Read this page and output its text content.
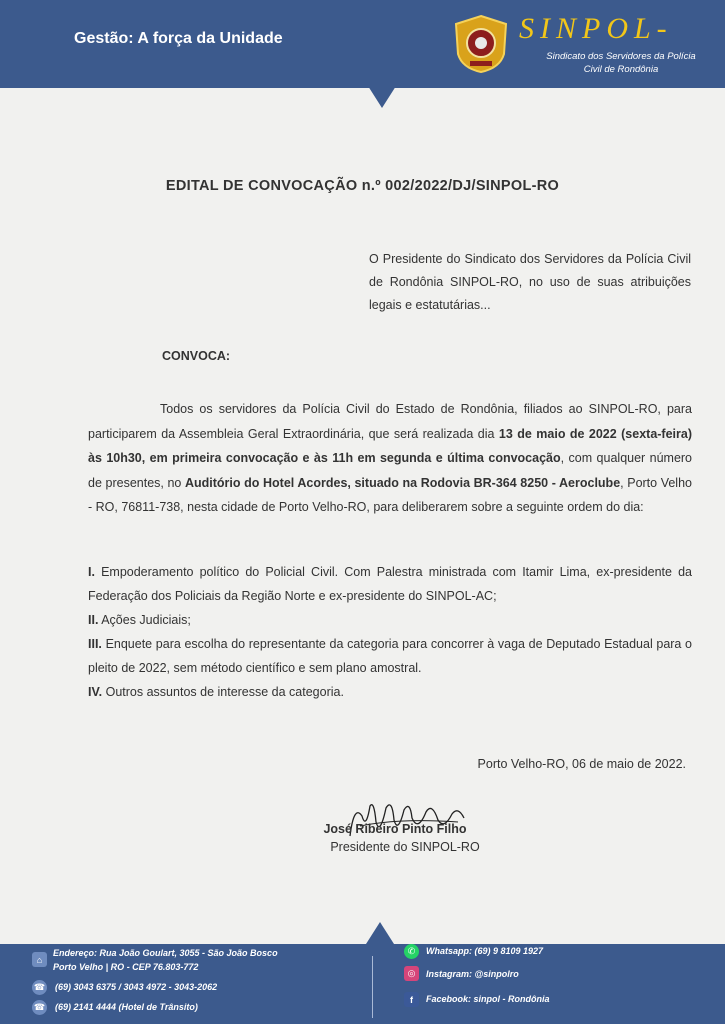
Gestão: A força da Unidade	SINPOL-
Sindicato dos Servidores da Polícia
Civil de Rondônia
EDITAL DE CONVOCAÇÃO n.º 002/2022/DJ/SINPOL-RO
O Presidente do Sindicato dos Servidores da Polícia Civil de Rondônia SINPOL-RO, no uso de suas atribuições legais e estatutárias...
CONVOCA:
Todos os servidores da Polícia Civil do Estado de Rondônia, filiados ao SINPOL-RO, para participarem da Assembleia Geral Extraordinária, que será realizada dia 13 de maio de 2022 (sexta-feira) às 10h30, em primeira convocação e às 11h em segunda e última convocação, com qualquer número de presentes, no Auditório do Hotel Acordes, situado na Rodovia BR-364 8250 - Aeroclube, Porto Velho - RO, 76811-738, nesta cidade de Porto Velho-RO, para deliberarem sobre a seguinte ordem do dia:
I. Empoderamento político do Policial Civil. Com Palestra ministrada com Itamir Lima, ex-presidente da Federação dos Policiais da Região Norte e ex-presidente do SINPOL-AC;
II. Ações Judiciais;
III. Enquete para escolha do representante da categoria para concorrer à vaga de Deputado Estadual para o pleito de 2022, sem método científico e sem plano amostral.
IV. Outros assuntos de interesse da categoria.
Porto Velho-RO, 06 de maio de 2022.
José Ribeiro Pinto Filho
Presidente do SINPOL-RO
⌂
Endereço: Rua João Goulart, 3055 - São João Bosco
Porto Velho | RO - CEP 76.803-772
☎ (69) 3043 6375 / 3043 4972 - 3043-2062
☎ (69) 2141 4444 (Hotel de Trânsito)
✆	Whatsapp: (69) 9 8109 1927
◎	Instagram: @sinpolro
f	Facebook: sinpol - Rondônia
